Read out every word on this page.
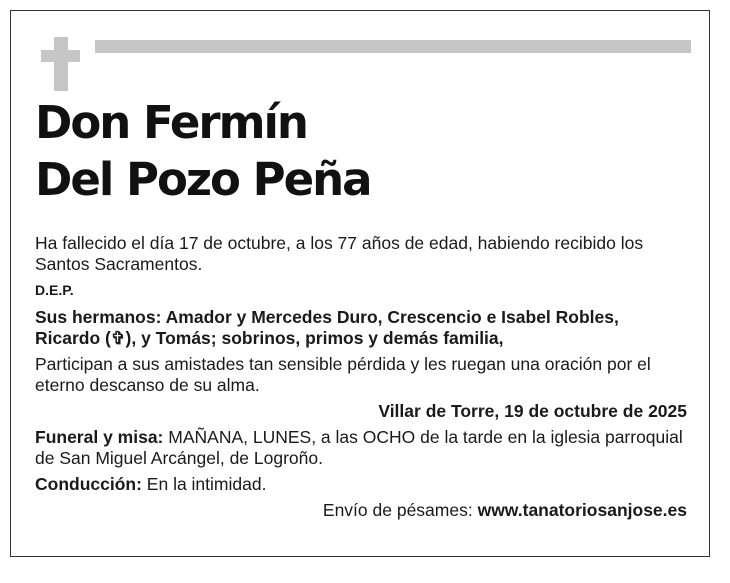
Don Fermín
Del Pozo Peña

Ha fallecido el día 17 de octubre, a los 77 años de edad, habiendo recibido los Santos Sacramentos.

D.E.P.

Sus hermanos: Amador y Mercedes Duro, Crescencio e Isabel Robles, Ricardo (✞), y Tomás; sobrinos, primos y demás familia,

Participan a sus amistades tan sensible pérdida y les ruegan una oración por el eterno descanso de su alma.

Villar de Torre, 19 de octubre de 2025

Funeral y misa: MAÑANA, LUNES, a las OCHO de la tarde en la iglesia parroquial de San Miguel Arcángel, de Logroño.

Conducción: En la intimidad.

Envío de pésames: www.tanatoriosanjose.es
